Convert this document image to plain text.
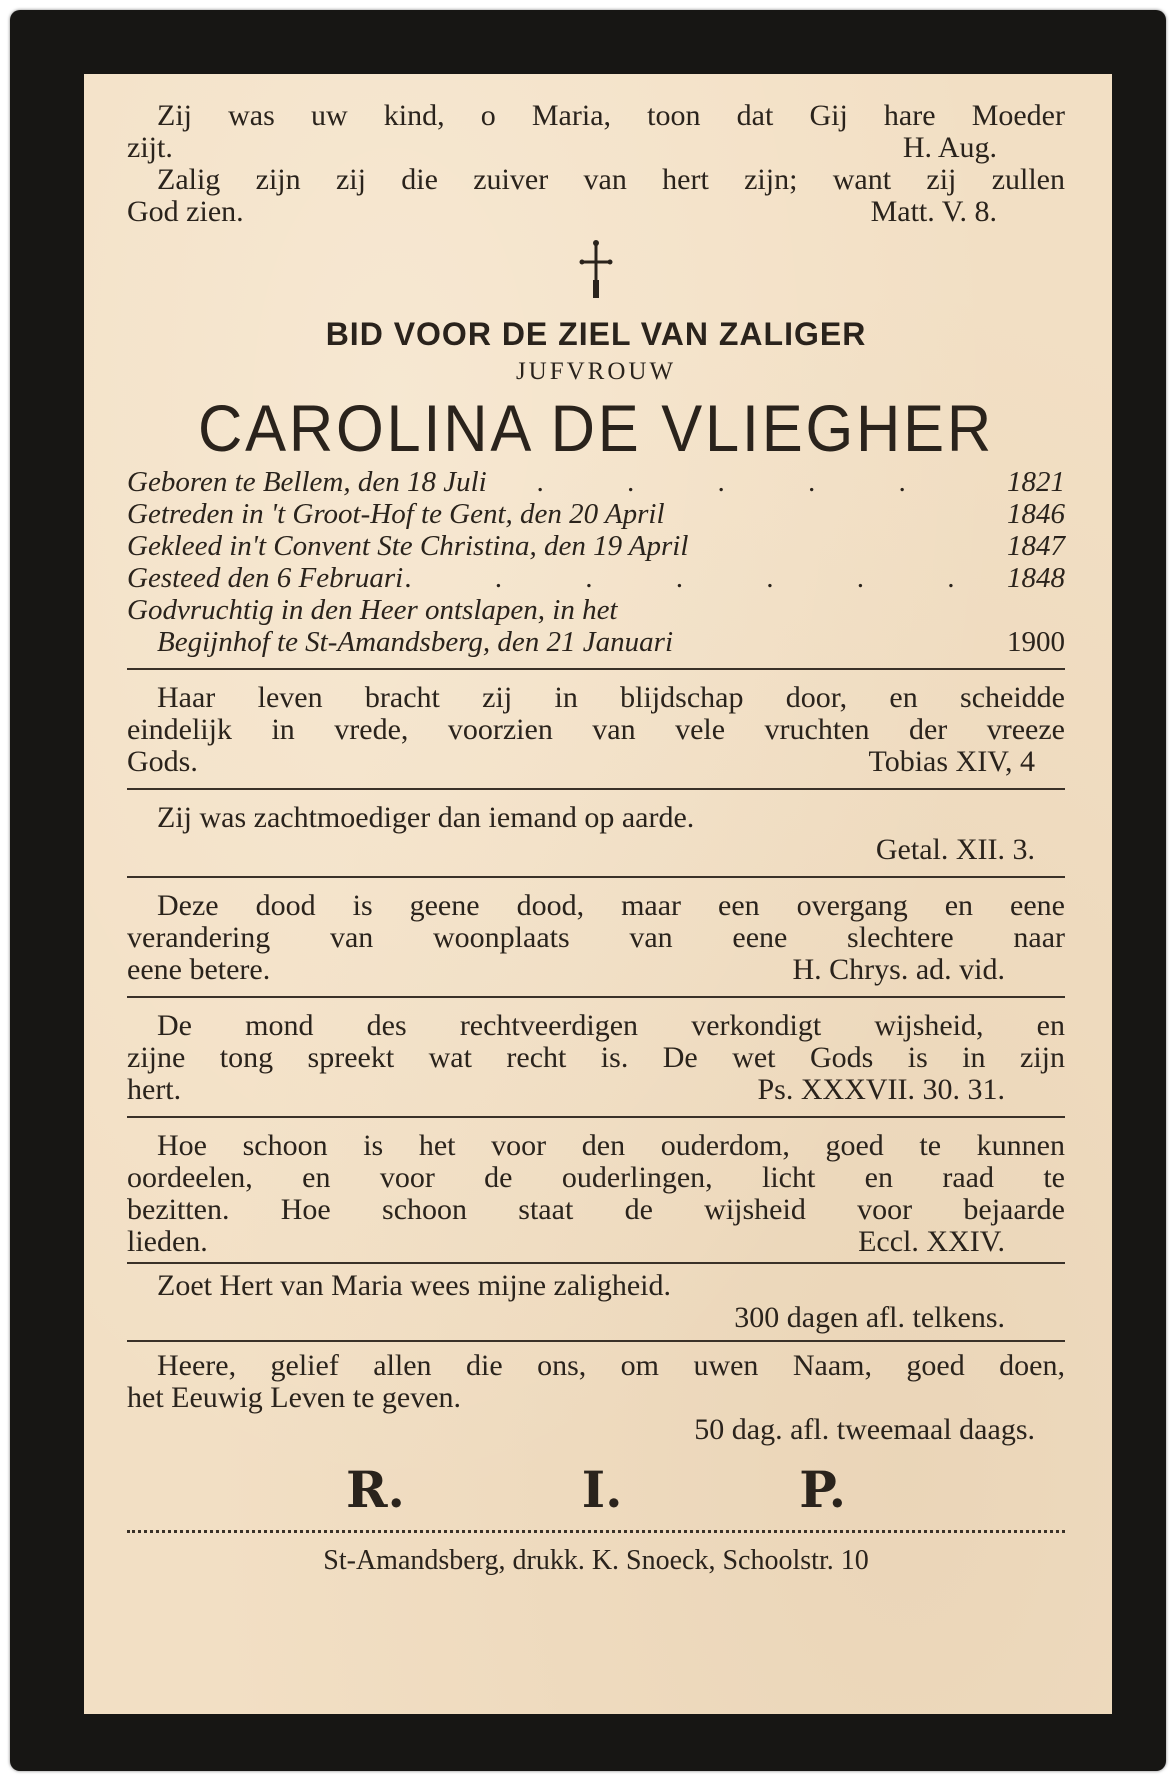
Zij was uw kind, o Maria, toon dat Gij hare Moeder
zijt.	H. Aug.
Zalig zijn zij die zuiver van hert zijn; want zij zullen
God zien.	Matt. V. 8.
BID VOOR DE ZIEL VAN ZALIGER
JUFVROUW
CAROLINA DE VLIEGHER
Geboren te Bellem, den 18 Juli . . . . .	1821
Getreden in 't Groot-Hof te Gent, den 20 April	1846
Gekleed in't Convent Ste Christina, den 19 April	1847
Gesteed den 6 Februari . . . . . . . 1848
Godvruchtig in den Heer ontslapen, in het
Begijnhof te St-Amandsberg, den 21 Januari	1900
Haar leven bracht zij in blijdschap door, en scheidde
eindelijk in vrede, voorzien van vele vruchten der vreeze
Gods.	Tobias XIV, 4
Zij was zachtmoediger dan iemand op aarde.
Getal. XII. 3.
Deze dood is geene dood, maar een overgang en eene
verandering van woonplaats van eene slechtere naar
eene betere.	H. Chrys. ad. vid.
De mond des rechtveerdigen verkondigt wijsheid, en
zijne tong spreekt wat recht is. De wet Gods is in zijn
hert.	Ps. XXXVII. 30. 31.
Hoe schoon is het voor den ouderdom, goed te kunnen
oordeelen, en voor de ouderlingen, licht en raad te
bezitten. Hoe schoon staat de wijsheid voor bejaarde
lieden.	Eccl. XXIV.
Zoet Hert van Maria wees mijne zaligheid.
300 dagen afl. telkens.
Heere, gelief allen die ons, om uwen Naam, goed doen,
het Eeuwig Leven te geven.
50 dag. afl. tweemaal daags.
R.	I.	P.
St-Amandsberg, drukk. K. Snoeck, Schoolstr. 10
